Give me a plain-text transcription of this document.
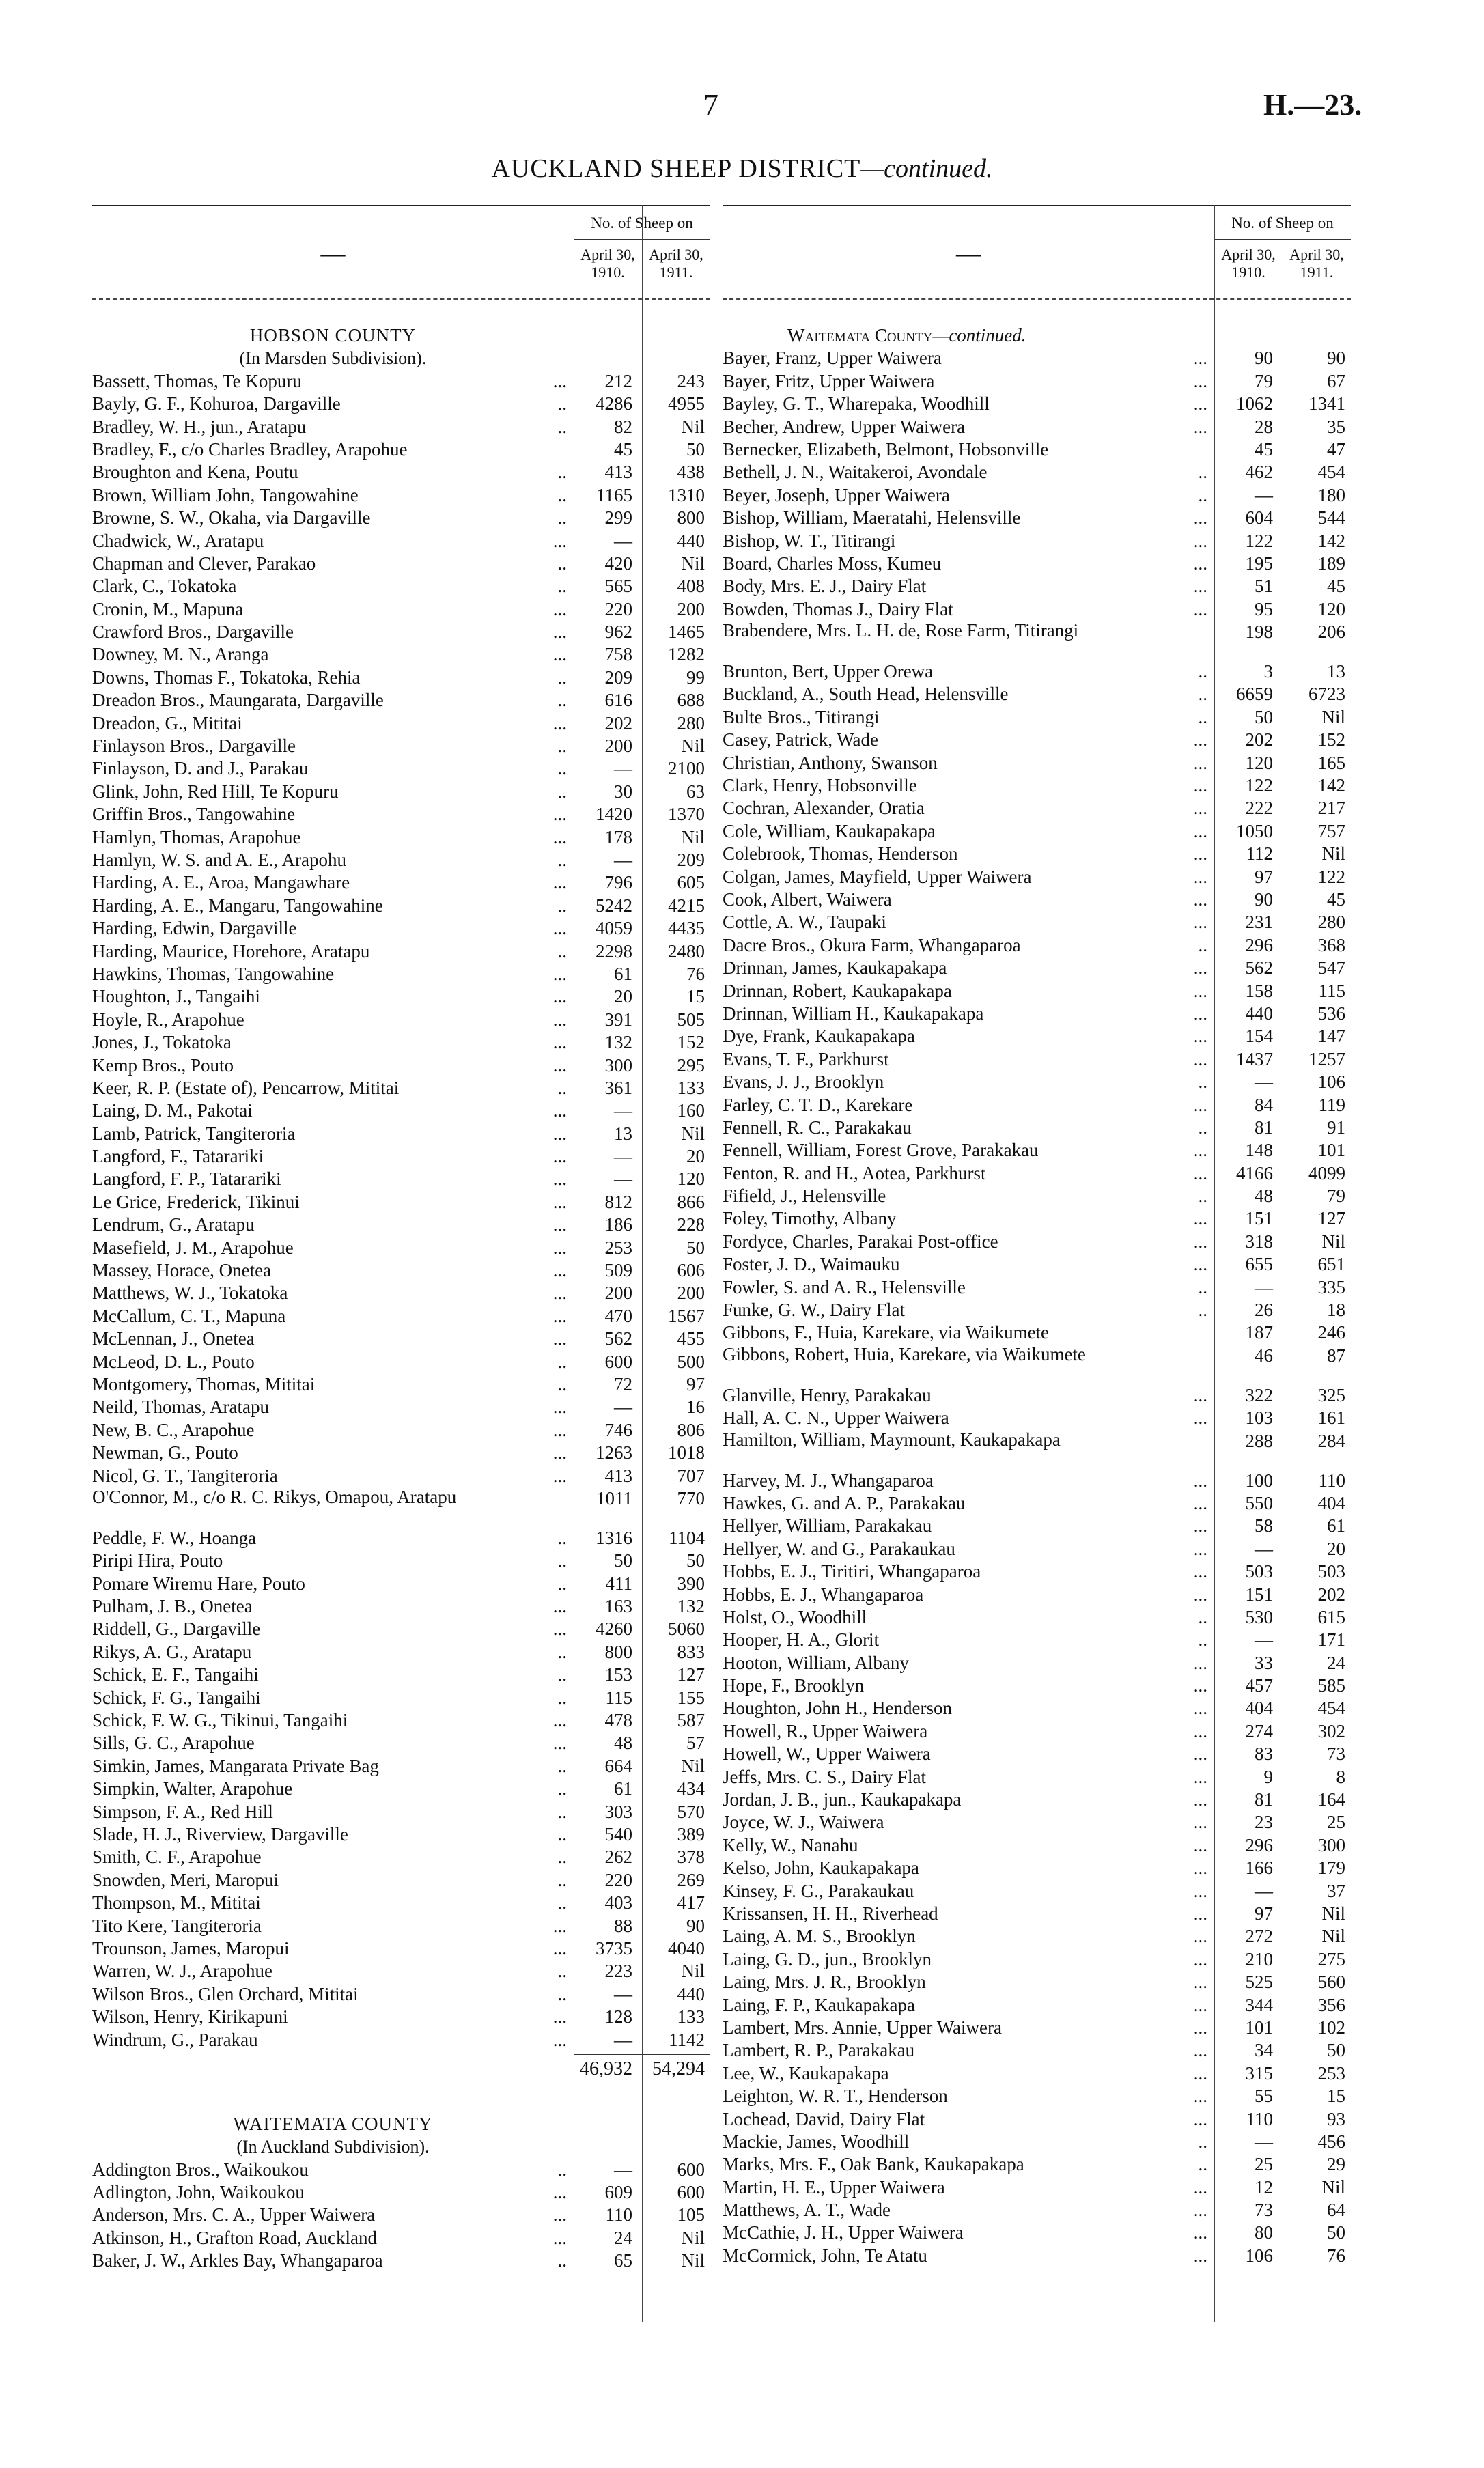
7	H.—23.
AUCKLAND SHEEP DISTRICT—continued.
—
No. of Sheep on
April 30,
1910.
April 30,
1911.
HOBSON COUNTY
(In Marsden Subdivision).
Bassett, Thomas, Te Kopuru	...	212	243
Bayly, G. F., Kohuroa, Dargaville	..	4286	4955
Bradley, W. H., jun., Aratapu	..	82	Nil
Bradley, F., c/o Charles Bradley, Arapohue	45	50
Broughton and Kena, Poutu	..	413	438
Brown, William John, Tangowahine	..	1165	1310
Browne, S. W., Okaha, via Dargaville	..	299	800
Chadwick, W., Aratapu	...	—	440
Chapman and Clever, Parakao	..	420	Nil
Clark, C., Tokatoka	..	565	408
Cronin, M., Mapuna	...	220	200
Crawford Bros., Dargaville	...	962	1465
Downey, M. N., Aranga	...	758	1282
Downs, Thomas F., Tokatoka, Rehia	..	209	99
Dreadon Bros., Maungarata, Dargaville	..	616	688
Dreadon, G., Mititai	...	202	280
Finlayson Bros., Dargaville	..	200	Nil
Finlayson, D. and J., Parakau	..	—	2100
Glink, John, Red Hill, Te Kopuru	..	30	63
Griffin Bros., Tangowahine	...	1420	1370
Hamlyn, Thomas, Arapohue	...	178	Nil
Hamlyn, W. S. and A. E., Arapohu	..	—	209
Harding, A. E., Aroa, Mangawhare	...	796	605
Harding, A. E., Mangaru, Tangowahine	..	5242	4215
Harding, Edwin, Dargaville	...	4059	4435
Harding, Maurice, Horehore, Aratapu	..	2298	2480
Hawkins, Thomas, Tangowahine	...	61	76
Houghton, J., Tangaihi	...	20	15
Hoyle, R., Arapohue	...	391	505
Jones, J., Tokatoka	...	132	152
Kemp Bros., Pouto	...	300	295
Keer, R. P. (Estate of), Pencarrow, Mititai	..	361	133
Laing, D. M., Pakotai	...	—	160
Lamb, Patrick, Tangiteroria	...	13	Nil
Langford, F., Tatarariki	...	—	20
Langford, F. P., Tatarariki	...	—	120
Le Grice, Frederick, Tikinui	...	812	866
Lendrum, G., Aratapu	...	186	228
Masefield, J. M., Arapohue	...	253	50
Massey, Horace, Onetea	...	509	606
Matthews, W. J., Tokatoka	...	200	200
McCallum, C. T., Mapuna	...	470	1567
McLennan, J., Onetea	...	562	455
McLeod, D. L., Pouto	..	600	500
Montgomery, Thomas, Mititai	..	72	97
Neild, Thomas, Aratapu	...	—	16
New, B. C., Arapohue	...	746	806
Newman, G., Pouto	...	1263	1018
Nicol, G. T., Tangiteroria	...	413	707
O'Connor, M., c/o R. C. Rikys, Omapou, Aratapu	1011	770
Peddle, F. W., Hoanga	..	1316	1104
Piripi Hira, Pouto	..	50	50
Pomare Wiremu Hare, Pouto	..	411	390
Pulham, J. B., Onetea	...	163	132
Riddell, G., Dargaville	...	4260	5060
Rikys, A. G., Aratapu	..	800	833
Schick, E. F., Tangaihi	..	153	127
Schick, F. G., Tangaihi	..	115	155
Schick, F. W. G., Tikinui, Tangaihi	...	478	587
Sills, G. C., Arapohue	...	48	57
Simkin, James, Mangarata Private Bag	..	664	Nil
Simpkin, Walter, Arapohue	..	61	434
Simpson, F. A., Red Hill	..	303	570
Slade, H. J., Riverview, Dargaville	..	540	389
Smith, C. F., Arapohue	..	262	378
Snowden, Meri, Maropui	..	220	269
Thompson, M., Mititai	..	403	417
Tito Kere, Tangiteroria	...	88	90
Trounson, James, Maropui	...	3735	4040
Warren, W. J., Arapohue	..	223	Nil
Wilson Bros., Glen Orchard, Mititai	..	—	440
Wilson, Henry, Kirikapuni	...	128	133
Windrum, G., Parakau	...	—	1142
46,932	54,294
WAITEMATA COUNTY
(In Auckland Subdivision).
Addington Bros., Waikoukou	..	—	600
Adlington, John, Waikoukou	...	609	600
Anderson, Mrs. C. A., Upper Waiwera	...	110	105
Atkinson, H., Grafton Road, Auckland	...	24	Nil
Baker, J. W., Arkles Bay, Whangaparoa	..	65	Nil
—
No. of Sheep on
April 30,
1910.
April 30,
1911.
Waitemata County—continued.
Bayer, Franz, Upper Waiwera	...	90	90
Bayer, Fritz, Upper Waiwera	...	79	67
Bayley, G. T., Wharepaka, Woodhill	...	1062	1341
Becher, Andrew, Upper Waiwera	...	28	35
Bernecker, Elizabeth, Belmont, Hobsonville	45	47
Bethell, J. N., Waitakeroi, Avondale	..	462	454
Beyer, Joseph, Upper Waiwera	..	—	180
Bishop, William, Maeratahi, Helensville	...	604	544
Bishop, W. T., Titirangi	...	122	142
Board, Charles Moss, Kumeu	...	195	189
Body, Mrs. E. J., Dairy Flat	...	51	45
Bowden, Thomas J., Dairy Flat	...	95	120
Brabendere, Mrs. L. H. de, Rose Farm, Titirangi	198	206
Brunton, Bert, Upper Orewa	..	3	13
Buckland, A., South Head, Helensville	..	6659	6723
Bulte Bros., Titirangi	..	50	Nil
Casey, Patrick, Wade	...	202	152
Christian, Anthony, Swanson	...	120	165
Clark, Henry, Hobsonville	...	122	142
Cochran, Alexander, Oratia	...	222	217
Cole, William, Kaukapakapa	...	1050	757
Colebrook, Thomas, Henderson	...	112	Nil
Colgan, James, Mayfield, Upper Waiwera	...	97	122
Cook, Albert, Waiwera	...	90	45
Cottle, A. W., Taupaki	...	231	280
Dacre Bros., Okura Farm, Whangaparoa	..	296	368
Drinnan, James, Kaukapakapa	...	562	547
Drinnan, Robert, Kaukapakapa	...	158	115
Drinnan, William H., Kaukapakapa	...	440	536
Dye, Frank, Kaukapakapa	...	154	147
Evans, T. F., Parkhurst	...	1437	1257
Evans, J. J., Brooklyn	..	—	106
Farley, C. T. D., Karekare	...	84	119
Fennell, R. C., Parakakau	..	81	91
Fennell, William, Forest Grove, Parakakau	...	148	101
Fenton, R. and H., Aotea, Parkhurst	...	4166	4099
Fifield, J., Helensville	..	48	79
Foley, Timothy, Albany	...	151	127
Fordyce, Charles, Parakai Post-office	...	318	Nil
Foster, J. D., Waimauku	...	655	651
Fowler, S. and A. R., Helensville	..	—	335
Funke, G. W., Dairy Flat	..	26	18
Gibbons, F., Huia, Karekare, via Waikumete	187	246
Gibbons, Robert, Huia, Karekare, via Waikumete	46	87
Glanville, Henry, Parakakau	...	322	325
Hall, A. C. N., Upper Waiwera	...	103	161
Hamilton, William, Maymount, Kaukapakapa	288	284
Harvey, M. J., Whangaparoa	...	100	110
Hawkes, G. and A. P., Parakakau	...	550	404
Hellyer, William, Parakakau	...	58	61
Hellyer, W. and G., Parakaukau	...	—	20
Hobbs, E. J., Tiritiri, Whangaparoa	...	503	503
Hobbs, E. J., Whangaparoa	...	151	202
Holst, O., Woodhill	..	530	615
Hooper, H. A., Glorit	..	—	171
Hooton, William, Albany	...	33	24
Hope, F., Brooklyn	...	457	585
Houghton, John H., Henderson	...	404	454
Howell, R., Upper Waiwera	...	274	302
Howell, W., Upper Waiwera	...	83	73
Jeffs, Mrs. C. S., Dairy Flat	...	9	8
Jordan, J. B., jun., Kaukapakapa	...	81	164
Joyce, W. J., Waiwera	...	23	25
Kelly, W., Nanahu	...	296	300
Kelso, John, Kaukapakapa	...	166	179
Kinsey, F. G., Parakaukau	...	—	37
Krissansen, H. H., Riverhead	...	97	Nil
Laing, A. M. S., Brooklyn	...	272	Nil
Laing, G. D., jun., Brooklyn	...	210	275
Laing, Mrs. J. R., Brooklyn	...	525	560
Laing, F. P., Kaukapakapa	...	344	356
Lambert, Mrs. Annie, Upper Waiwera	...	101	102
Lambert, R. P., Parakakau	...	34	50
Lee, W., Kaukapakapa	...	315	253
Leighton, W. R. T., Henderson	...	55	15
Lochead, David, Dairy Flat	...	110	93
Mackie, James, Woodhill	..	—	456
Marks, Mrs. F., Oak Bank, Kaukapakapa	..	25	29
Martin, H. E., Upper Waiwera	...	12	Nil
Matthews, A. T., Wade	...	73	64
McCathie, J. H., Upper Waiwera	...	80	50
McCormick, John, Te Atatu	...	106	76
